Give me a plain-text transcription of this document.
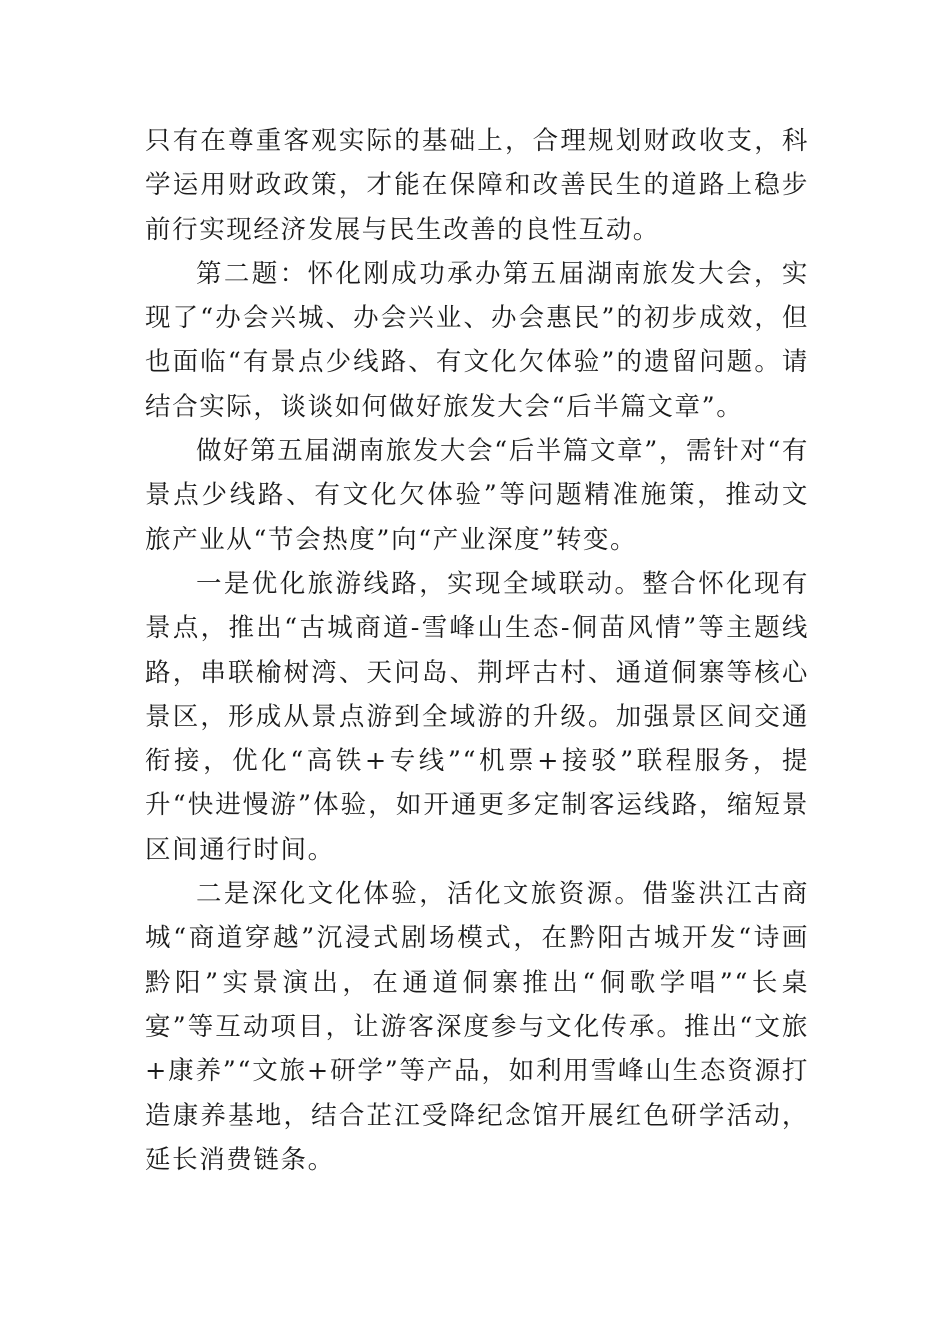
只有在尊重客观实际的基础上，合理规划财政收支，科学运用财政政策，才能在保障和改善民生的道路上稳步前行实现经济发展与民生改善的良性互动。

第二题：怀化刚成功承办第五届湖南旅发大会，实现了“办会兴城、办会兴业、办会惠民”的初步成效，但也面临“有景点少线路、有文化欠体验”的遗留问题。请结合实际，谈谈如何做好旅发大会“后半篇文章”。

做好第五届湖南旅发大会“后半篇文章”，需针对“有景点少线路、有文化欠体验”等问题精准施策，推动文旅产业从“节会热度”向“产业深度”转变。

一是优化旅游线路，实现全域联动。整合怀化现有景点，推出“古城商道-雪峰山生态-侗苗风情”等主题线路，串联榆树湾、天问岛、荆坪古村、通道侗寨等核心景区，形成从景点游到全域游的升级。加强景区间交通衔接，优化“高铁+专线”“机票+接驳”联程服务，提升“快进慢游”体验，如开通更多定制客运线路，缩短景区间通行时间。

二是深化文化体验，活化文旅资源。借鉴洪江古商城“商道穿越”沉浸式剧场模式，在黔阳古城开发“诗画黔阳”实景演出，在通道侗寨推出“侗歌学唱”“长桌宴”等互动项目，让游客深度参与文化传承。推出“文旅+康养”“文旅+研学”等产品，如利用雪峰山生态资源打造康养基地，结合芷江受降纪念馆开展红色研学活动，延长消费链条。
